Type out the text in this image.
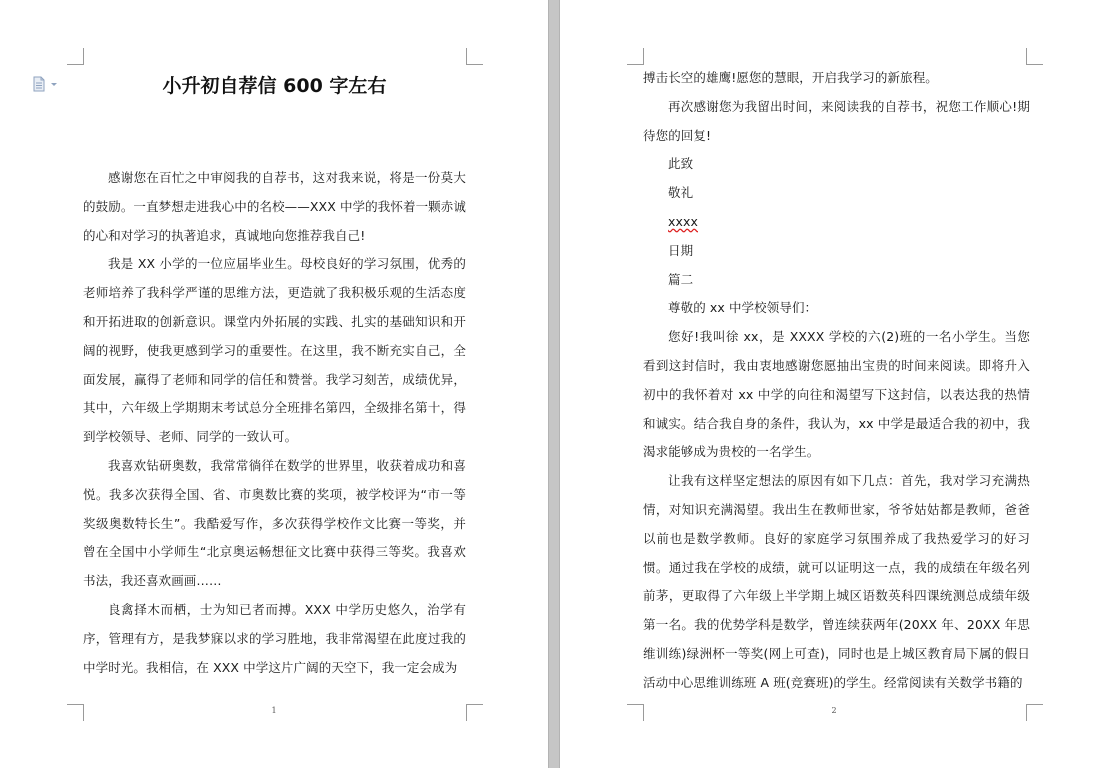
小升初自荐信 600 字左右

感谢您在百忙之中审阅我的自荐书，这对我来说，将是一份莫大的鼓励。一直梦想走进我心中的名校——XXX 中学的我怀着一颗赤诚的心和对学习的执著追求，真诚地向您推荐我自己!

我是 XX 小学的一位应届毕业生。母校良好的学习氛围，优秀的老师培养了我科学严谨的思维方法，更造就了我积极乐观的生活态度和开拓进取的创新意识。课堂内外拓展的实践、扎实的基础知识和开阔的视野，使我更感到学习的重要性。在这里，我不断充实自己，全面发展，赢得了老师和同学的信任和赞誉。我学习刻苦，成绩优异，其中，六年级上学期期末考试总分全班排名第四，全级排名第十，得到学校领导、老师、同学的一致认可。

我喜欢钻研奥数，我常常徜徉在数学的世界里，收获着成功和喜悦。我多次获得全国、省、市奥数比赛的奖项，被学校评为“市一等奖级奥数特长生”。我酷爱写作，多次获得学校作文比赛一等奖，并曾在全国中小学师生“北京奥运畅想征文比赛中获得三等奖。我喜欢书法，我还喜欢画画……

良禽择木而栖，士为知已者而搏。XXX 中学历史悠久，治学有序，管理有方，是我梦寐以求的学习胜地，我非常渴望在此度过我的中学时光。我相信，在 XXX 中学这片广阔的天空下，我一定会成为

1

搏击长空的雄鹰!愿您的慧眼，开启我学习的新旅程。

再次感谢您为我留出时间，来阅读我的自荐书，祝您工作顺心!期待您的回复!

此致

敬礼

xxxx

日期

篇二

尊敬的 xx 中学校领导们：

您好!我叫徐 xx，是 XXXX 学校的六(2)班的一名小学生。当您看到这封信时，我由衷地感谢您愿抽出宝贵的时间来阅读。即将升入初中的我怀着对 xx 中学的向往和渴望写下这封信，以表达我的热情和诚实。结合我自身的条件，我认为，xx 中学是最适合我的初中，我渴求能够成为贵校的一名学生。

让我有这样坚定想法的原因有如下几点：首先，我对学习充满热情，对知识充满渴望。我出生在教师世家，爷爷姑姑都是教师，爸爸以前也是数学教师。良好的家庭学习氛围养成了我热爱学习的好习惯。通过我在学校的成绩，就可以证明这一点，我的成绩在年级名列前茅，更取得了六年级上半学期上城区语数英科四课统测总成绩年级第一名。我的优势学科是数学，曾连续获两年(20XX 年、20XX 年思维训练)绿洲杯一等奖(网上可查)，同时也是上城区教育局下属的假日活动中心思维训练班 A 班(竞赛班)的学生。经常阅读有关数学书籍的

2
